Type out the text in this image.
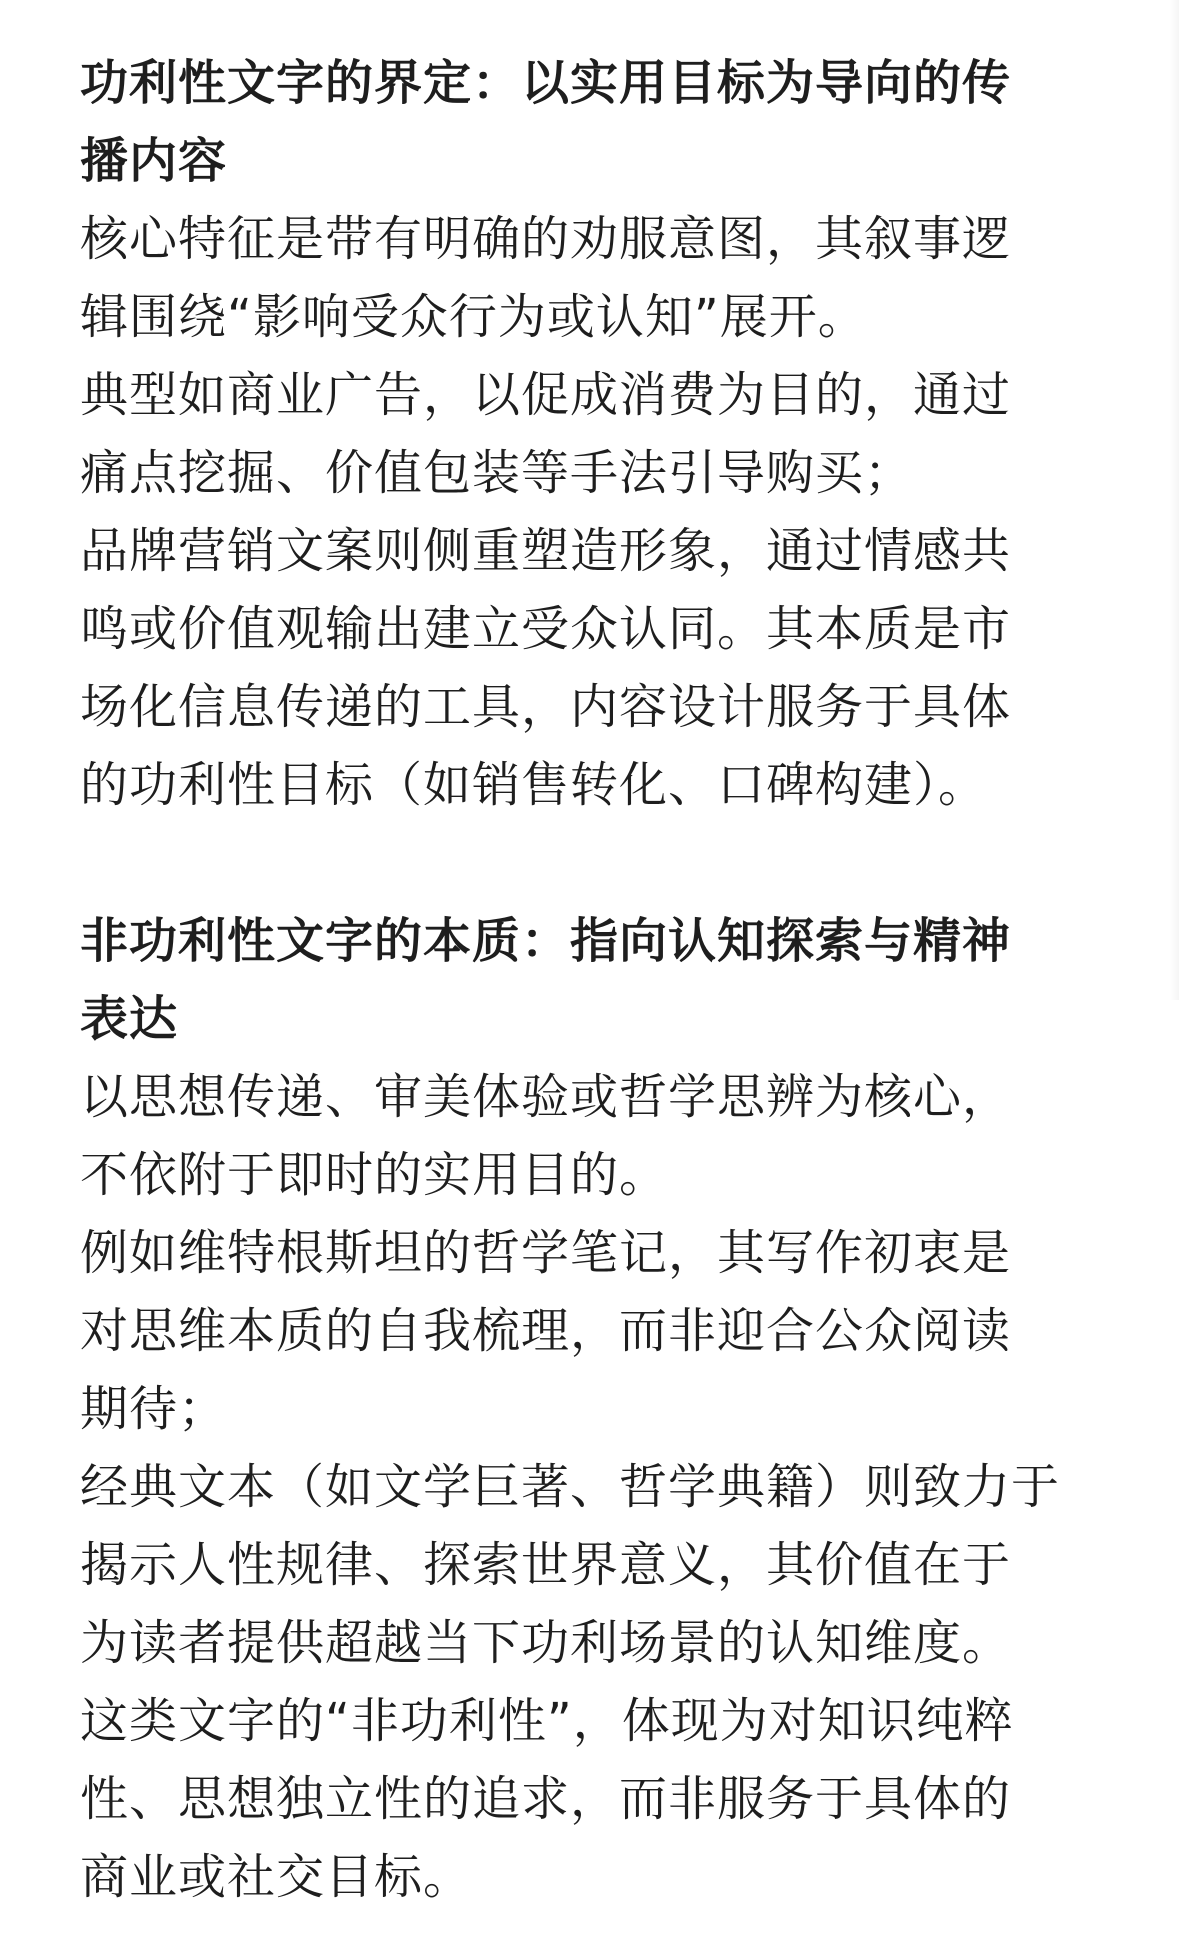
功利性文字的界定：以实用目标为导向的传
播内容
核心特征是带有明确的劝服意图，其叙事逻
辑围绕“影响受众行为或认知”展开。
典型如商业广告，以促成消费为目的，通过
痛点挖掘、价值包装等手法引导购买；
品牌营销文案则侧重塑造形象，通过情感共
鸣或价值观输出建立受众认同。其本质是市
场化信息传递的工具，内容设计服务于具体
的功利性目标（如销售转化、口碑构建）。
非功利性文字的本质：指向认知探索与精神
表达
以思想传递、审美体验或哲学思辨为核心，
不依附于即时的实用目的。
例如维特根斯坦的哲学笔记，其写作初衷是
对思维本质的自我梳理，而非迎合公众阅读
期待；
经典文本（如文学巨著、哲学典籍）则致力于
揭示人性规律、探索世界意义，其价值在于
为读者提供超越当下功利场景的认知维度。
这类文字的“非功利性”，体现为对知识纯粹
性、思想独立性的追求，而非服务于具体的
商业或社交目标。
